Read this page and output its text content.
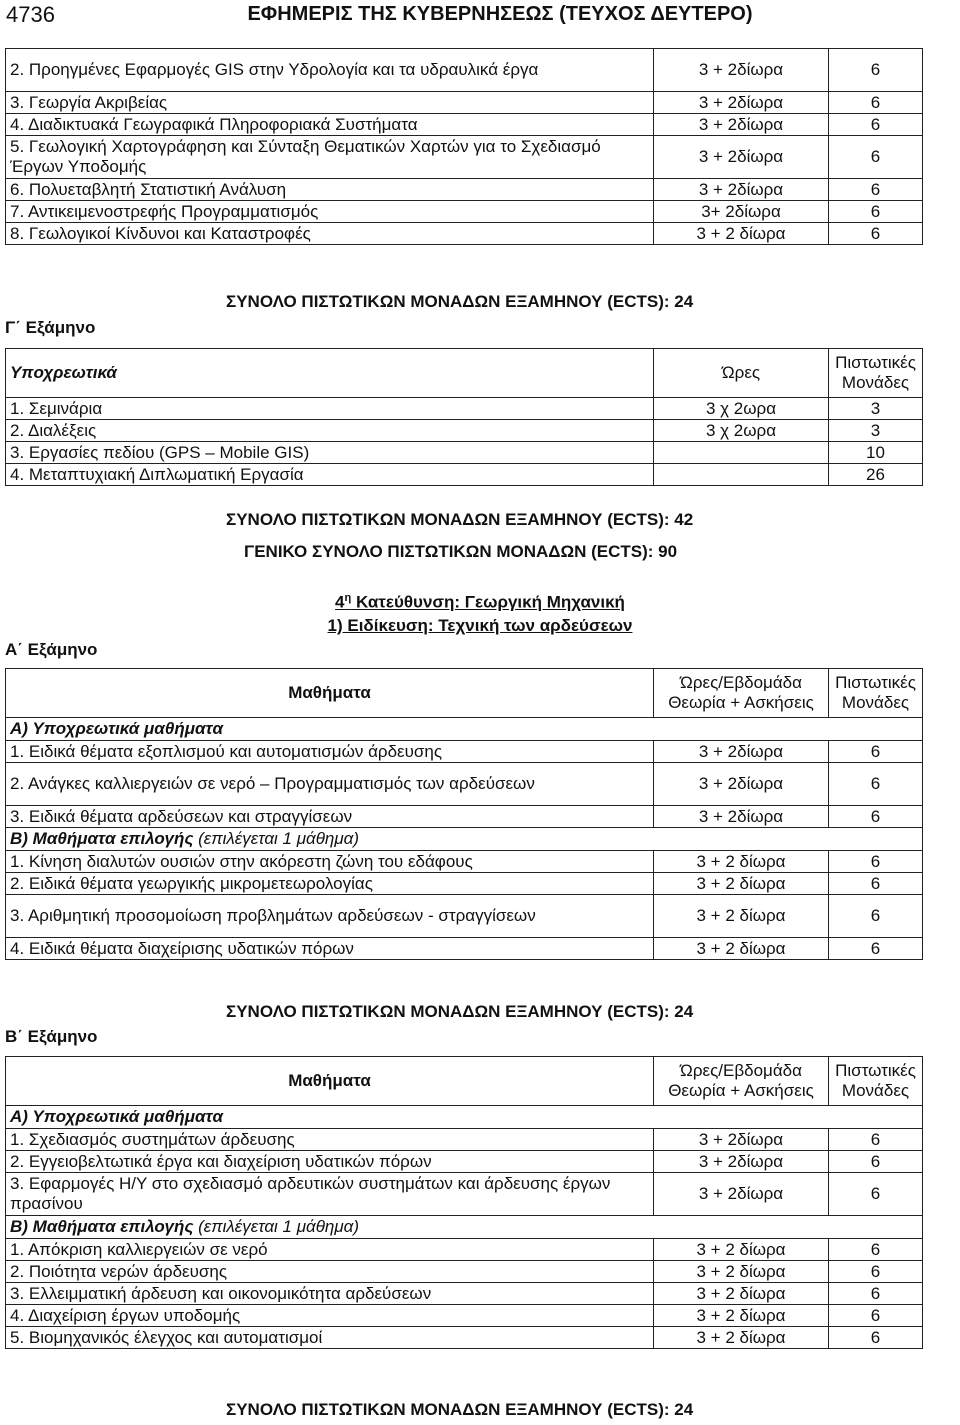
4736	ΕΦΗΜΕΡΙΣ ΤΗΣ ΚΥΒΕΡΝΗΣΕΩΣ (ΤΕΥΧΟΣ ΔΕΥΤΕΡΟ)
2. Προηγμένες Εφαρμογές GIS στην Υδρολογία και τα υδραυλικά έργα	3 + 2δίωρα	6
3. Γεωργία Ακριβείας	3 + 2δίωρα	6
4. Διαδικτυακά Γεωγραφικά Πληροφοριακά Συστήματα	3 + 2δίωρα	6
5. Γεωλογική Χαρτογράφηση και Σύνταξη Θεματικών Χαρτών για το Σχεδιασμό Έργων Υποδομής	3 + 2δίωρα	6
6. Πολυεταβλητή Στατιστική Ανάλυση	3 + 2δίωρα	6
7. Αντικειμενοστρεφής Προγραμματισμός	3+ 2δίωρα	6
8. Γεωλογικοί Κίνδυνοι και Καταστροφές	3 + 2 δίωρα	6
ΣΥΝΟΛΟ ΠΙΣΤΩΤΙΚΩΝ ΜΟΝΑΔΩΝ ΕΞΑΜΗΝΟΥ (ECTS): 24
Γ΄ Εξάμηνο
Υποχρεωτικά	Ώρες	Πιστωτικές Μονάδες
1. Σεμινάρια	3 χ 2ωρα	3
2. Διαλέξεις	3 χ 2ωρα	3
3. Εργασίες πεδίου (GPS – Mobile GIS)		10
4. Μεταπτυχιακή Διπλωματική Εργασία		26
ΣΥΝΟΛΟ ΠΙΣΤΩΤΙΚΩΝ ΜΟΝΑΔΩΝ ΕΞΑΜΗΝΟΥ (ECTS): 42
ΓΕΝΙΚΟ ΣΥΝΟΛΟ ΠΙΣΤΩΤΙΚΩΝ ΜΟΝΑΔΩΝ (ECTS): 90
$4^\eta$ Κατεύθυνση: Γεωργική Μηχανική
1) Ειδίκευση: Τεχνική των αρδεύσεων
Α΄ Εξάμηνο
Μαθήματα	Ώρες/Εβδομάδα Θεωρία + Ασκήσεις	Πιστωτικές Μονάδες
Α) Υποχρεωτικά μαθήματα		
1. Ειδικά θέματα εξοπλισμού και αυτοματισμών άρδευσης	3 + 2δίωρα	6
2. Ανάγκες καλλιεργειών σε νερό – Προγραμματισμός των αρδεύσεων	3 + 2δίωρα	6
3. Ειδικά θέματα αρδεύσεων και στραγγίσεων	3 + 2δίωρα	6
Β) Μαθήματα επιλογής (επιλέγεται 1 μάθημα)		
1. Κίνηση διαλυτών ουσιών στην ακόρεστη ζώνη του εδάφους	3 + 2 δίωρα	6
2. Ειδικά θέματα γεωργικής μικρομετεωρολογίας	3 + 2 δίωρα	6
3. Αριθμητική προσομοίωση προβλημάτων αρδεύσεων - στραγγίσεων	3 + 2 δίωρα	6
4. Ειδικά θέματα διαχείρισης υδατικών πόρων	3 + 2 δίωρα	6
ΣΥΝΟΛΟ ΠΙΣΤΩΤΙΚΩΝ ΜΟΝΑΔΩΝ ΕΞΑΜΗΝΟΥ (ECTS): 24
Β΄ Εξάμηνο
Μαθήματα	Ώρες/Εβδομάδα Θεωρία + Ασκήσεις	Πιστωτικές Μονάδες
Α) Υποχρεωτικά μαθήματα		
1. Σχεδιασμός συστημάτων άρδευσης	3 + 2δίωρα	6
2. Εγγειοβελτωτικά έργα και διαχείριση υδατικών πόρων	3 + 2δίωρα	6
3. Εφαρμογές Η/Υ στο σχεδιασμό αρδευτικών συστημάτων και άρδευσης έργων πρασίνου	3 + 2δίωρα	6
Β) Μαθήματα επιλογής (επιλέγεται 1 μάθημα)		
1. Απόκριση καλλιεργειών σε νερό	3 + 2 δίωρα	6
2. Ποιότητα νερών άρδευσης	3 + 2 δίωρα	6
3. Ελλειμματική άρδευση και οικονομικότητα αρδεύσεων	3 + 2 δίωρα	6
4. Διαχείριση έργων υποδομής	3 + 2 δίωρα	6
5. Βιομηχανικός έλεγχος και αυτοματισμοί	3 + 2 δίωρα	6
ΣΥΝΟΛΟ ΠΙΣΤΩΤΙΚΩΝ ΜΟΝΑΔΩΝ ΕΞΑΜΗΝΟΥ (ECTS): 24
